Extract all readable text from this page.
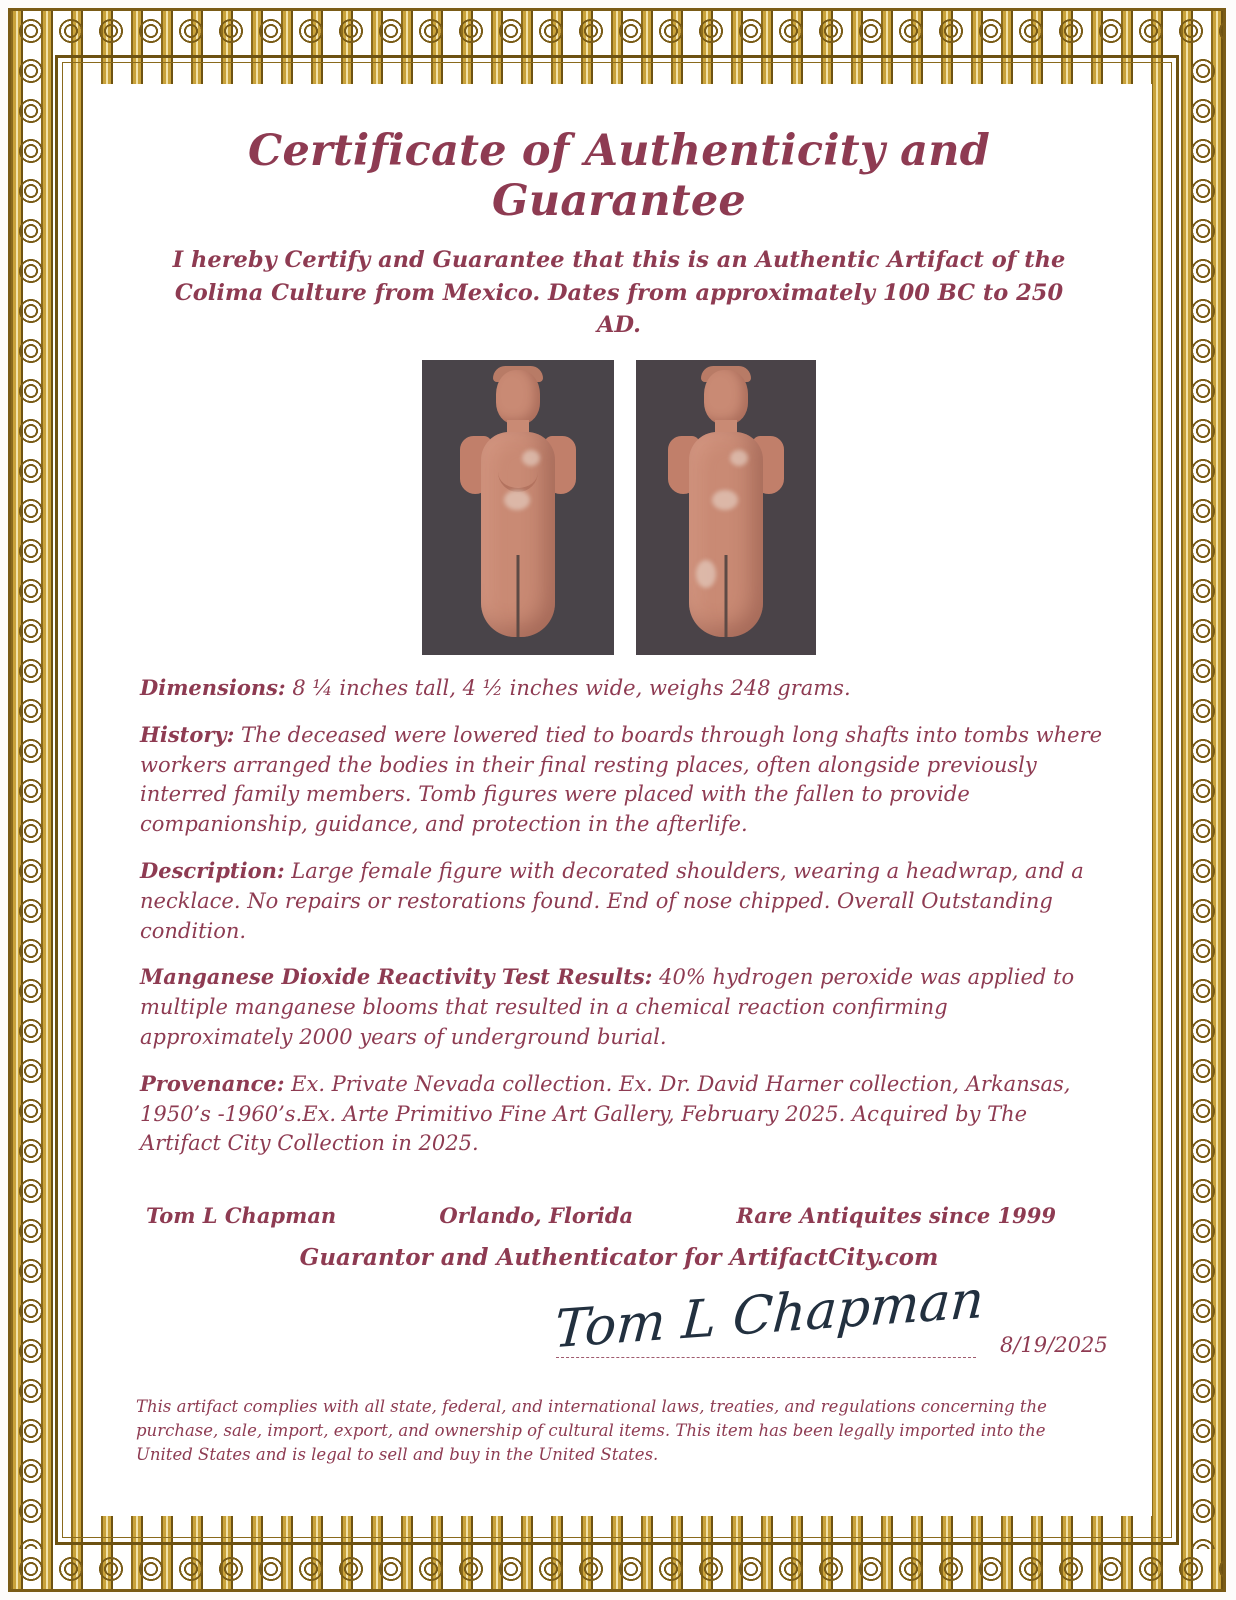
Certificate of Authenticity and Guarantee
I hereby Certify and Guarantee that this is an Authentic Artifact of the Colima Culture from Mexico. Dates from approximately 100 BC to 250 AD.
Dimensions: 8 ¼ inches tall, 4 ½ inches wide, weighs 248 grams.
History: The deceased were lowered tied to boards through long shafts into tombs where workers arranged the bodies in their final resting places, often alongside previously interred family members. Tomb figures were placed with the fallen to provide companionship, guidance, and protection in the afterlife.
Description: Large female figure with decorated shoulders, wearing a headwrap, and a necklace. No repairs or restorations found. End of nose chipped. Overall Outstanding condition.
Manganese Dioxide Reactivity Test Results: 40% hydrogen peroxide was applied to multiple manganese blooms that resulted in a chemical reaction confirming approximately 2000 years of underground burial.
Provenance: Ex. Private Nevada collection. Ex. Dr. David Harner collection, Arkansas, 1950’s -1960’s.Ex. Arte Primitivo Fine Art Gallery, February 2025. Acquired by The Artifact City Collection in 2025.
Tom L Chapman	Orlando, Florida	Rare Antiquites since 1999
Guarantor and Authenticator for ArtifactCity.com
Tom L Chapman 8/19/2025
This artifact complies with all state, federal, and international laws, treaties, and regulations concerning the purchase, sale, import, export, and ownership of cultural items. This item has been legally imported into the United States and is legal to sell and buy in the United States.
